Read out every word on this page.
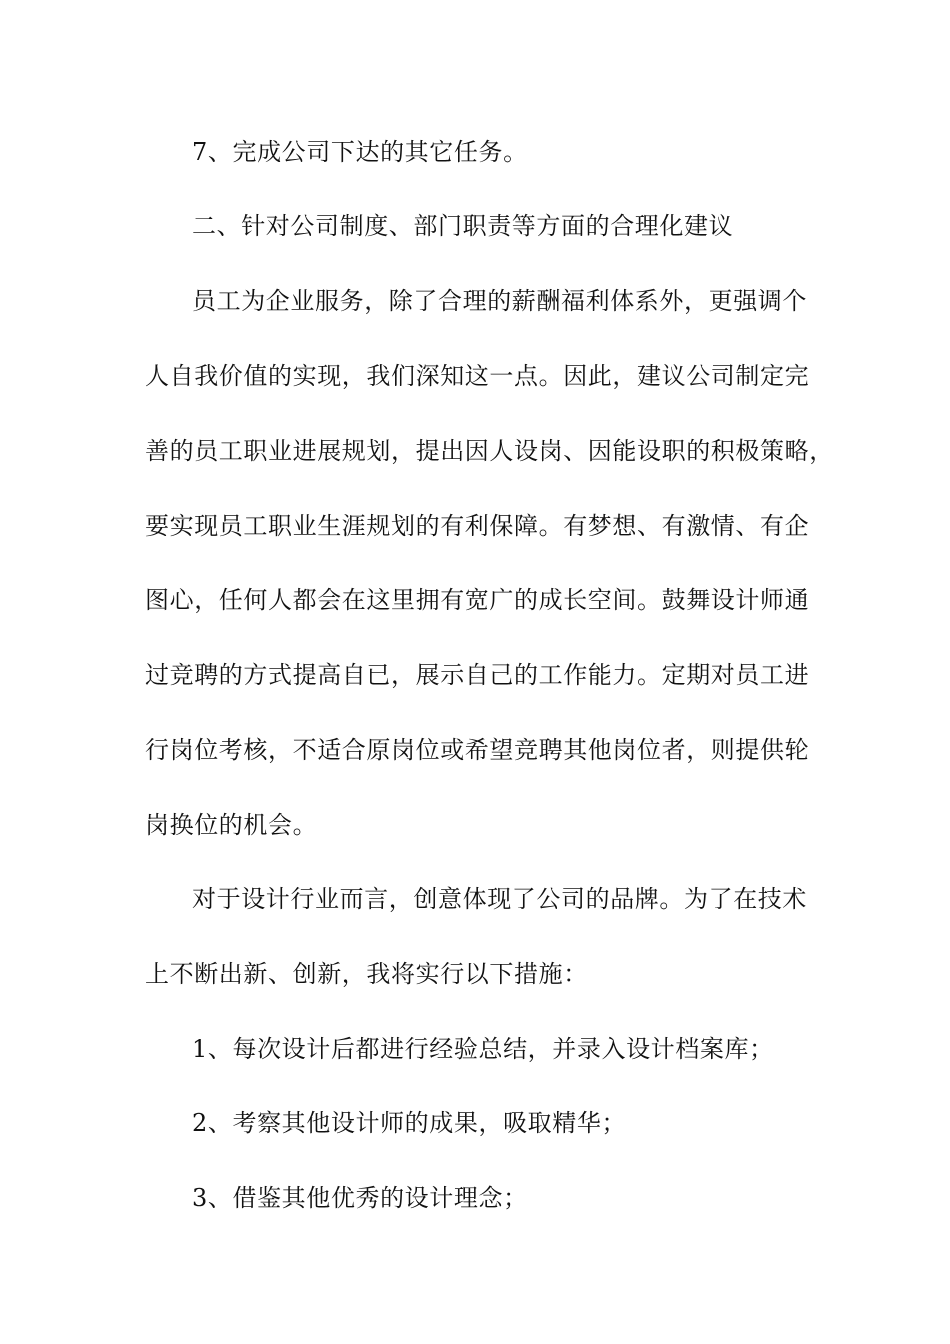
7、完成公司下达的其它任务。
二、针对公司制度、部门职责等方面的合理化建议
员工为企业服务，除了合理的薪酬福利体系外，更强调个
人自我价值的实现，我们深知这一点。因此，建议公司制定完
善的员工职业进展规划，提出因人设岗、因能设职的积极策略，
要实现员工职业生涯规划的有利保障。有梦想、有激情、有企
图心，任何人都会在这里拥有宽广的成长空间。鼓舞设计师通
过竞聘的方式提高自已，展示自己的工作能力。定期对员工进
行岗位考核，不适合原岗位或希望竞聘其他岗位者，则提供轮
岗换位的机会。
对于设计行业而言，创意体现了公司的品牌。为了在技术
上不断出新、创新，我将实行以下措施：
1、每次设计后都进行经验总结，并录入设计档案库；
2、考察其他设计师的成果，吸取精华；
3、借鉴其他优秀的设计理念；
